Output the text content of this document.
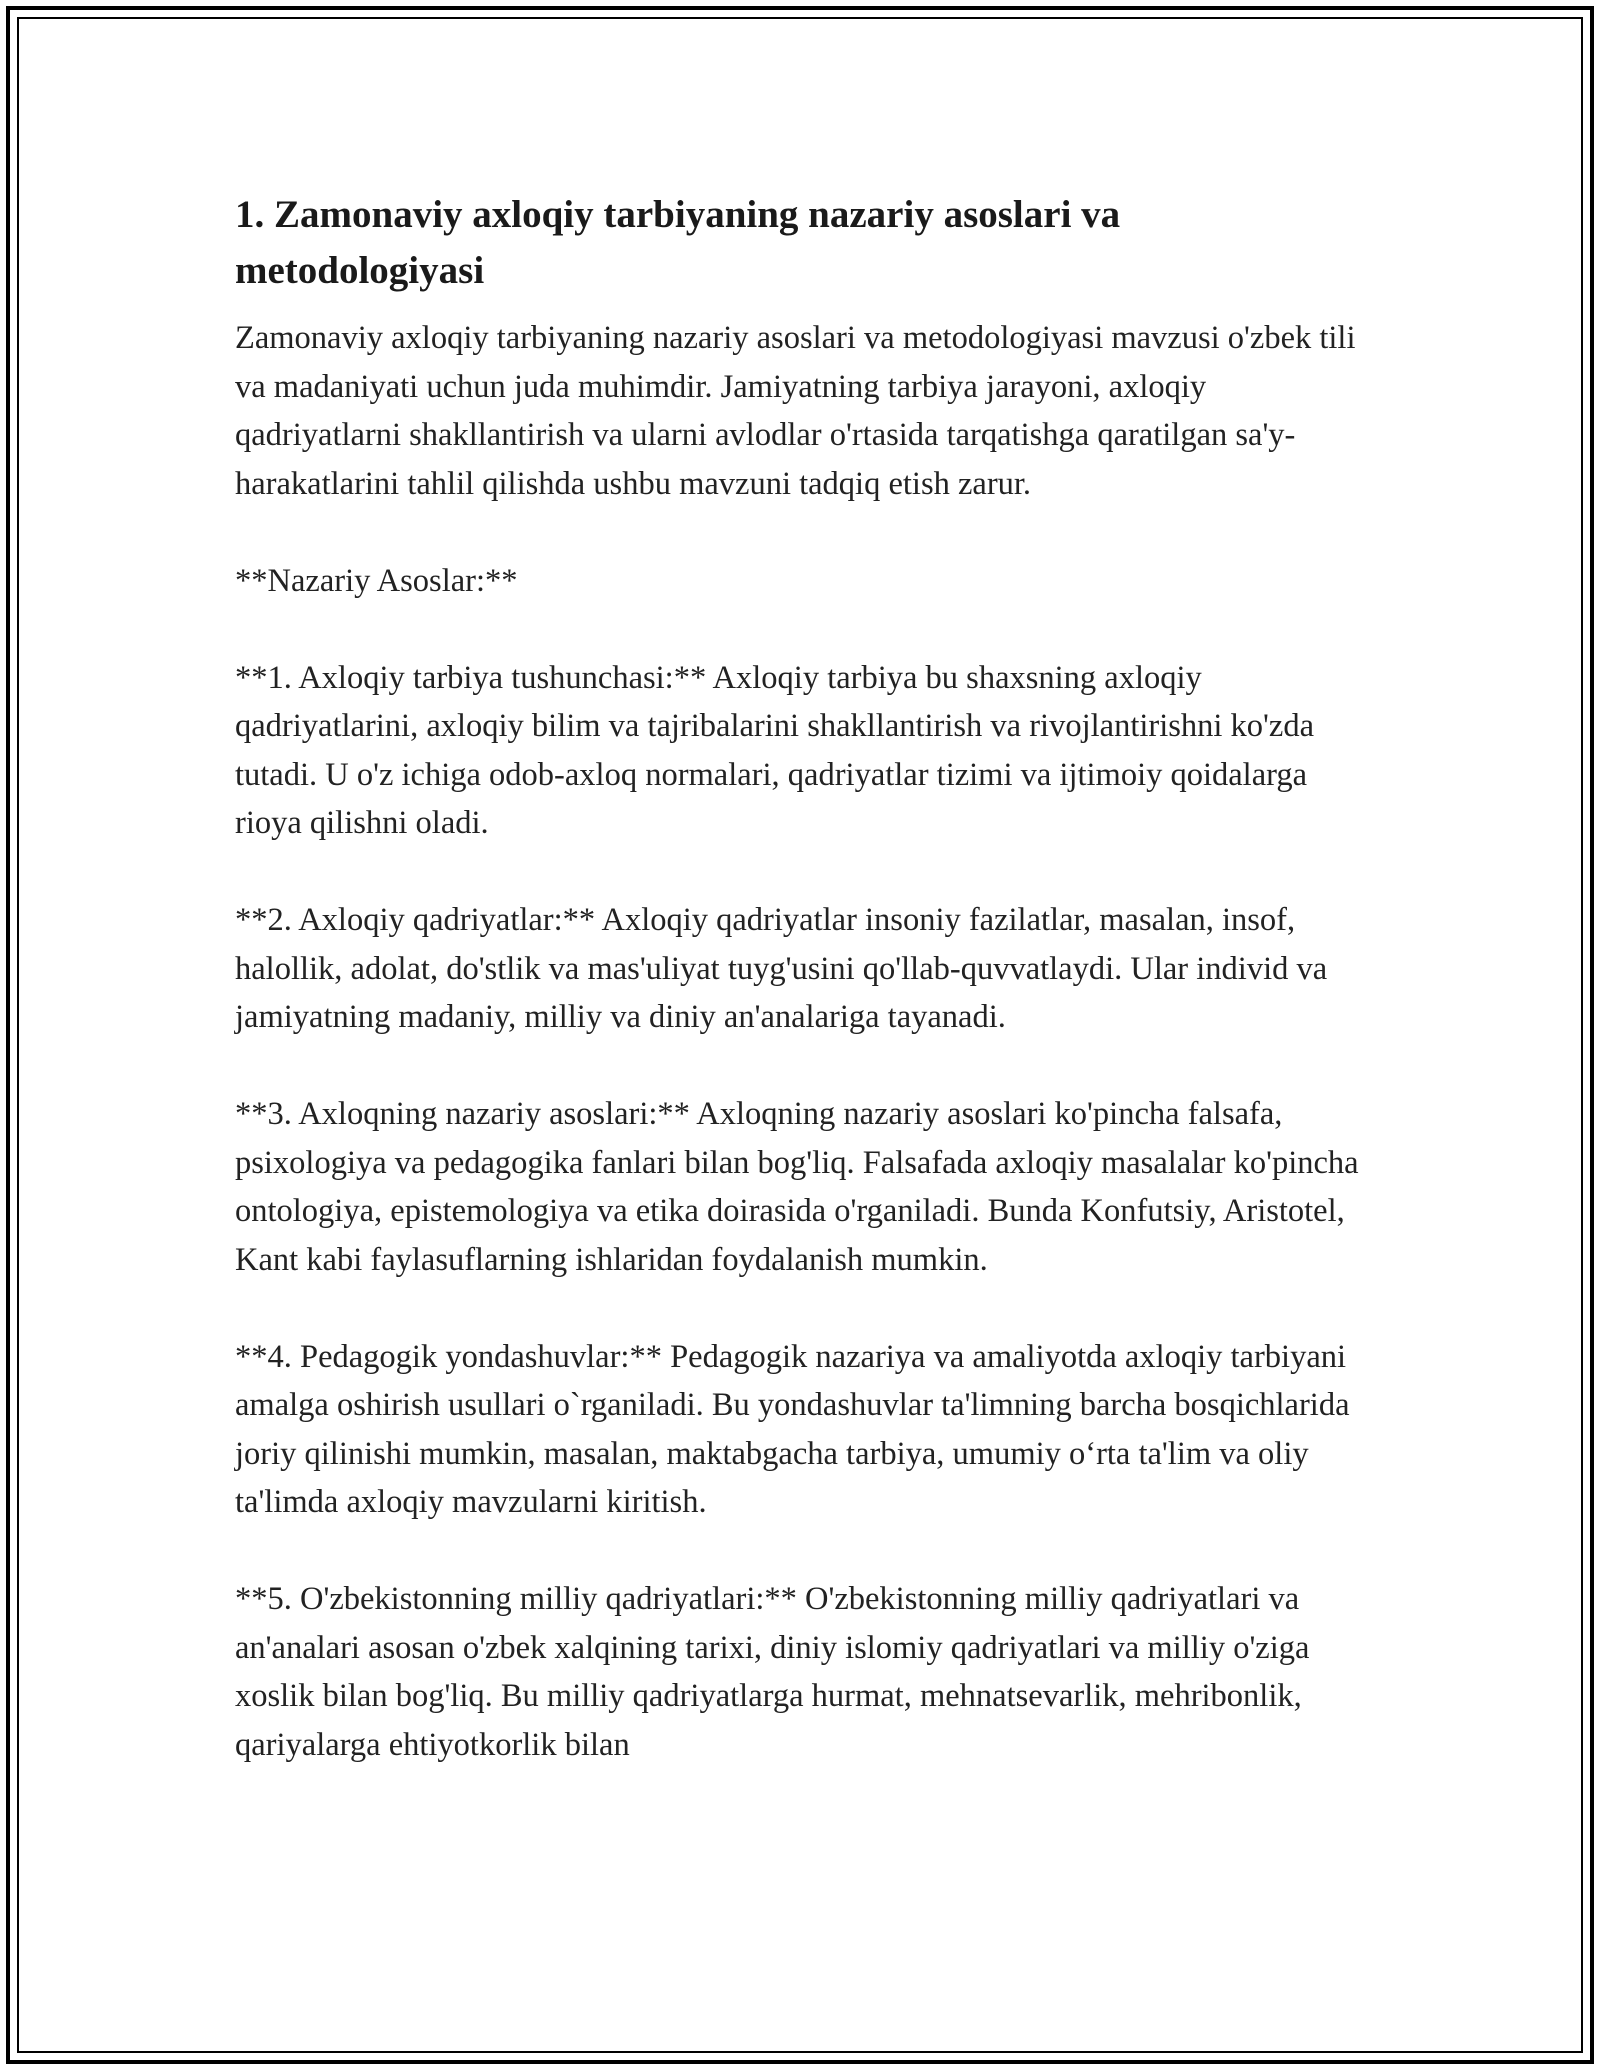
1. Zamonaviy axloqiy tarbiyaning nazariy asoslari va metodologiyasi

Zamonaviy axloqiy tarbiyaning nazariy asoslari va metodologiyasi mavzusi o'zbek tili va madaniyati uchun juda muhimdir. Jamiyatning tarbiya jarayoni, axloqiy qadriyatlarni shakllantirish va ularni avlodlar o'rtasida tarqatishga qaratilgan sa'y-harakatlarini tahlil qilishda ushbu mavzuni tadqiq etish zarur.

**Nazariy Asoslar:**

**1. Axloqiy tarbiya tushunchasi:** Axloqiy tarbiya bu shaxsning axloqiy qadriyatlarini, axloqiy bilim va tajribalarini shakllantirish va rivojlantirishni ko'zda tutadi. U o'z ichiga odob-axloq normalari, qadriyatlar tizimi va ijtimoiy qoidalarga rioya qilishni oladi.

**2. Axloqiy qadriyatlar:** Axloqiy qadriyatlar insoniy fazilatlar, masalan, insof, halollik, adolat, do'stlik va mas'uliyat tuyg'usini qo'llab-quvvatlaydi. Ular individ va jamiyatning madaniy, milliy va diniy an'analariga tayanadi.

**3. Axloqning nazariy asoslari:** Axloqning nazariy asoslari ko'pincha falsafa, psixologiya va pedagogika fanlari bilan bog'liq. Falsafada axloqiy masalalar ko'pincha ontologiya, epistemologiya va etika doirasida o'rganiladi. Bunda Konfutsiy, Aristotel, Kant kabi faylasuflarning ishlaridan foydalanish mumkin.

**4. Pedagogik yondashuvlar:** Pedagogik nazariya va amaliyotda axloqiy tarbiyani amalga oshirish usullari o`rganiladi. Bu yondashuvlar ta'limning barcha bosqichlarida joriy qilinishi mumkin, masalan, maktabgacha tarbiya, umumiy o‘rta ta'lim va oliy ta'limda axloqiy mavzularni kiritish.

**5. O'zbekistonning milliy qadriyatlari:** O'zbekistonning milliy qadriyatlari va an'analari asosan o'zbek xalqining tarixi, diniy islomiy qadriyatlari va milliy o'ziga xoslik bilan bog'liq. Bu milliy qadriyatlarga hurmat, mehnatsevarlik, mehribonlik, qariyalarga ehtiyotkorlik bilan
